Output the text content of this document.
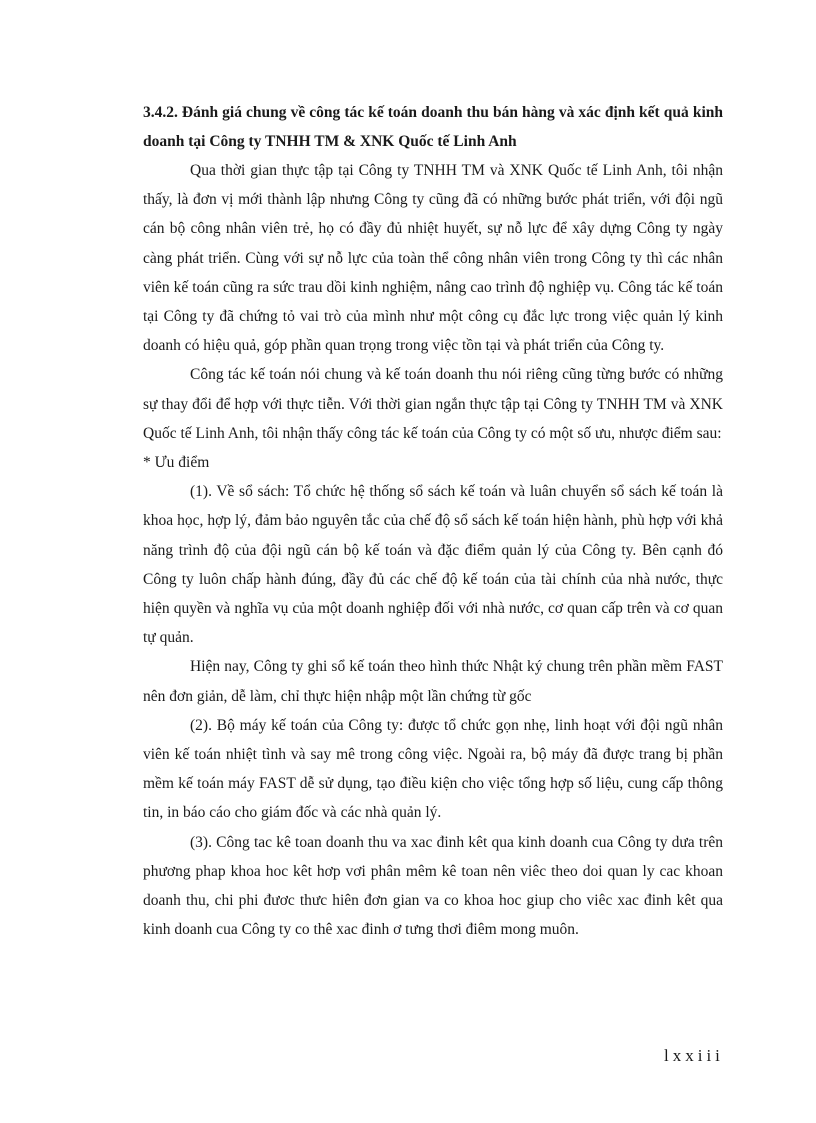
3.4.2. Đánh giá chung về công tác kế toán doanh thu bán hàng và xác định kết quả kinh doanh tại Công ty TNHH TM & XNK Quốc tế Linh Anh

Qua thời gian thực tập tại Công ty TNHH TM và XNK Quốc tế Linh Anh, tôi nhận thấy, là đơn vị mới thành lập nhưng Công ty cũng đã có những bước phát triển, với đội ngũ cán bộ công nhân viên trẻ, họ có đầy đủ nhiệt huyết, sự nỗ lực để xây dựng Công ty ngày càng phát triển. Cùng với sự nỗ lực của toàn thể công nhân viên trong Công ty thì các nhân viên kế toán cũng ra sức trau dồi kinh nghiệm, nâng cao trình độ nghiệp vụ. Công tác kế toán tại Công ty đã chứng tỏ vai trò của mình như một công cụ đắc lực trong việc quản lý kinh doanh có hiệu quả, góp phần quan trọng trong việc tồn tại và phát triển của Công ty.

Công tác kế toán nói chung và kế toán doanh thu nói riêng cũng từng bước có những sự thay đổi để hợp với thực tiễn. Với thời gian ngắn thực tập tại Công ty TNHH TM và XNK Quốc tế Linh Anh, tôi nhận thấy công tác kế toán của Công ty có một số ưu, nhược điểm sau:

* Ưu điểm

(1). Về sổ sách: Tổ chức hệ thống sổ sách kế toán và luân chuyển sổ sách kế toán là khoa học, hợp lý, đảm bảo nguyên tắc của chế độ sổ sách kế toán hiện hành, phù hợp với khả năng trình độ của đội ngũ cán bộ kế toán và đặc điểm quản lý của Công ty. Bên cạnh đó Công ty luôn chấp hành đúng, đầy đủ các chế độ kế toán của tài chính của nhà nước, thực hiện quyền và nghĩa vụ của một doanh nghiệp đối với nhà nước, cơ quan cấp trên và cơ quan tự quản.

Hiện nay, Công ty ghi sổ kế toán theo hình thức Nhật ký chung trên phần mềm FAST nên đơn giản, dễ làm, chỉ thực hiện nhập một lần chứng từ gốc

(2). Bộ máy kế toán của Công ty: được tổ chức gọn nhẹ, linh hoạt với đội ngũ nhân viên kế toán nhiệt tình và say mê trong công việc. Ngoài ra, bộ máy đã được trang bị phần mềm kế toán máy FAST dễ sử dụng, tạo điều kiện cho việc tổng hợp số liệu, cung cấp thông tin, in báo cáo cho giám đốc và các nhà quản lý.

(3). Công tac kê toan doanh thu va xac đinh kêt qua kinh doanh cua Công ty dưa trên phương phap khoa hoc kêt hơp vơi phân mêm kê toan nên viêc theo doi quan ly cac khoan doanh thu, chi phi đươc thưc hiên đơn gian va co khoa hoc giup cho viêc xac đinh kêt qua kinh doanh cua Công ty co thê xac đinh ơ tưng thơi điêm mong muôn.

lxxiii
